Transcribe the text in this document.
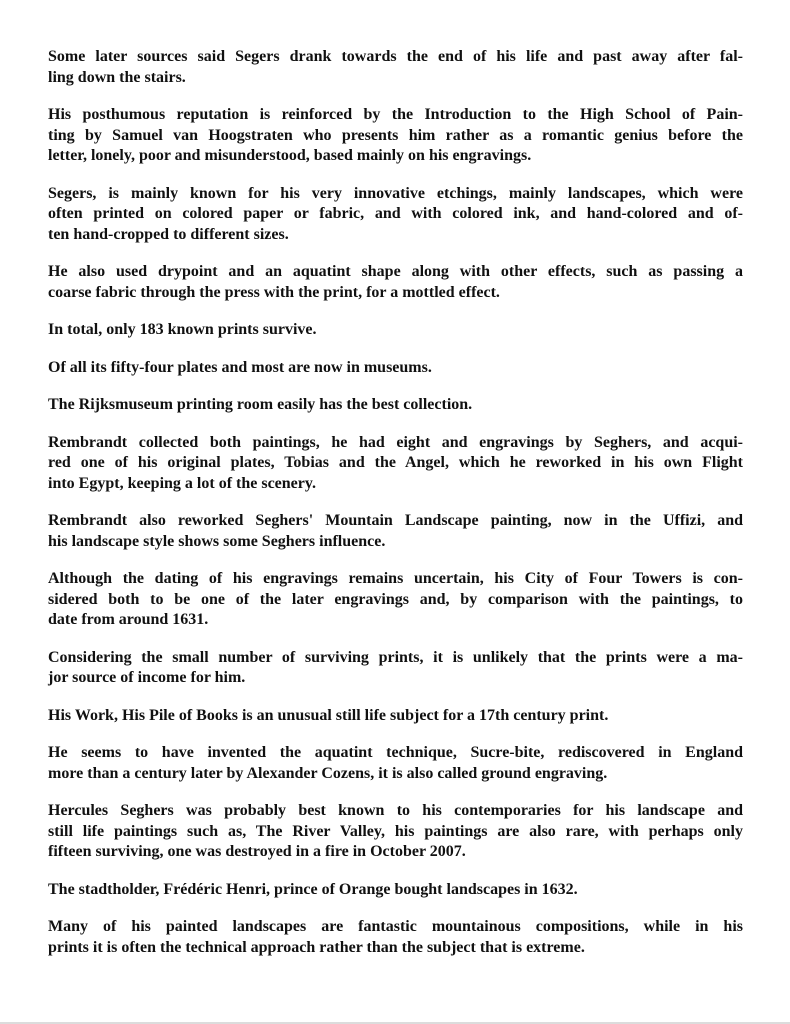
Some later sources said Segers drank towards the end of his life and past away after fal-
ling down the stairs.
His posthumous reputation is reinforced by the Introduction to the High School of Pain-
ting by Samuel van Hoogstraten who presents him rather as a romantic genius before the
letter, lonely, poor and misunderstood, based mainly on his engravings.
Segers, is mainly known for his very innovative etchings, mainly landscapes, which were
often printed on colored paper or fabric, and with colored ink, and hand-colored and of-
ten hand-cropped to different sizes.
He also used drypoint and an aquatint shape along with other effects, such as passing a
coarse fabric through the press with the print, for a mottled effect.
In total, only 183 known prints survive.
Of all its fifty-four plates and most are now in museums.
The Rijksmuseum printing room easily has the best collection.
Rembrandt collected both paintings, he had eight and engravings by Seghers, and acqui-
red one of his original plates, Tobias and the Angel, which he reworked in his own Flight
into Egypt, keeping a lot of the scenery.
Rembrandt also reworked Seghers' Mountain Landscape painting, now in the Uffizi, and
his landscape style shows some Seghers influence.
Although the dating of his engravings remains uncertain, his City of Four Towers is con-
sidered both to be one of the later engravings and, by comparison with the paintings, to
date from around 1631.
Considering the small number of surviving prints, it is unlikely that the prints were a ma-
jor source of income for him.
His Work, His Pile of Books is an unusual still life subject for a 17th century print.
He seems to have invented the aquatint technique, Sucre-bite, rediscovered in England
more than a century later by Alexander Cozens, it is also called ground engraving.
Hercules Seghers was probably best known to his contemporaries for his landscape and
still life paintings such as, The River Valley, his paintings are also rare, with perhaps only
fifteen surviving, one was destroyed in a fire in October 2007.
The stadtholder, Frédéric Henri, prince of Orange bought landscapes in 1632.
Many of his painted landscapes are fantastic mountainous compositions, while in his
prints it is often the technical approach rather than the subject that is extreme.
